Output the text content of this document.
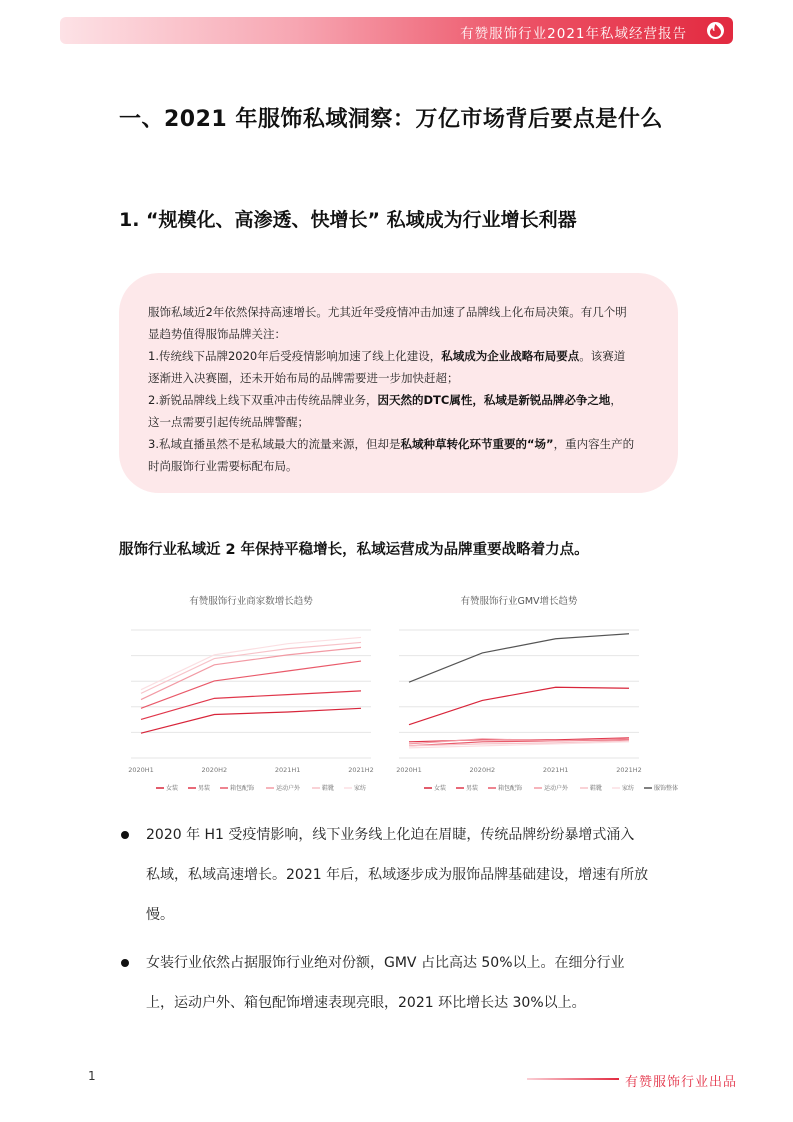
有赞服饰行业2021年私域经营报告
一、2021 年服饰私域洞察：万亿市场背后要点是什么
1. “规模化、高渗透、快增长” 私域成为行业增长利器

服饰私域近2年依然保持高速增长。尤其近年受疫情冲击加速了品牌线上化布局决策。有几个明

显趋势值得服饰品牌关注：

1.传统线下品牌2020年后受疫情影响加速了线上化建设，私域成为企业战略布局要点。该赛道

逐渐进入决赛圈，还未开始布局的品牌需要进一步加快赶超；

2.新锐品牌线上线下双重冲击传统品牌业务，因天然的DTC属性，私域是新锐品牌必争之地，

这一点需要引起传统品牌警醒；

3.私域直播虽然不是私域最大的流量来源，但却是私域种草转化环节重要的“场”，重内容生产的

时尚服饰行业需要标配布局。

服饰行业私域近 2 年保持平稳增长，私域运营成为品牌重要战略着力点。
有赞服饰行业商家数增长趋势
2020H1	2020H2	2021H1	2021H2
女装	男装	箱包配饰	运动户外	鞋靴	家纺
有赞服饰行业GMV增长趋势
2020H1	2020H2	2021H1	2021H2
女装	男装	箱包配饰	运动户外	鞋靴	家纺	服饰整体
2020 年 H1 受疫情影响，线下业务线上化迫在眉睫，传统品牌纷纷暴增式涌入
私域，私域高速增长。2021 年后，私域逐步成为服饰品牌基础建设，增速有所放
慢。
女装行业依然占据服饰行业绝对份额，GMV 占比高达 50%以上。在细分行业
上，运动户外、箱包配饰增速表现亮眼，2021 环比增长达 30%以上。
1	有赞服饰行业出品
